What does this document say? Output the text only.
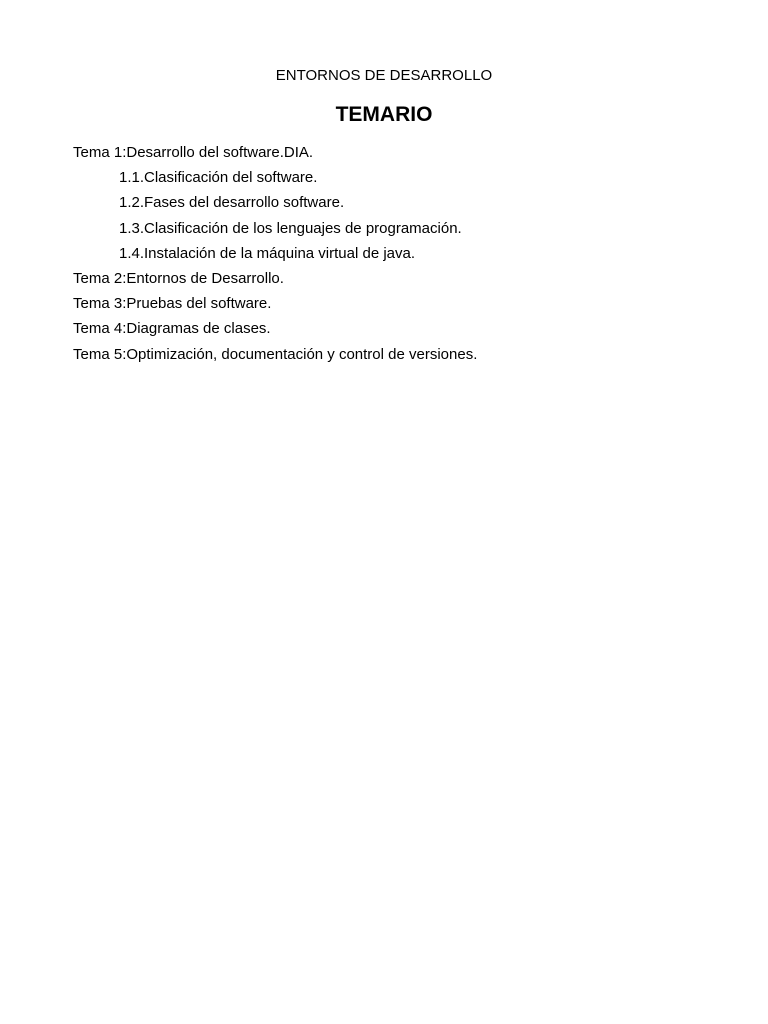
ENTORNOS DE DESARROLLO
TEMARIO
Tema 1:Desarrollo del software.DIA.
1.1.Clasificación del software.
1.2.Fases del desarrollo software.
1.3.Clasificación de los lenguajes de programación.
1.4.Instalación de la máquina virtual de java.
Tema 2:Entornos de Desarrollo.
Tema 3:Pruebas del software.
Tema 4:Diagramas de clases.
Tema 5:Optimización, documentación y control de versiones.
